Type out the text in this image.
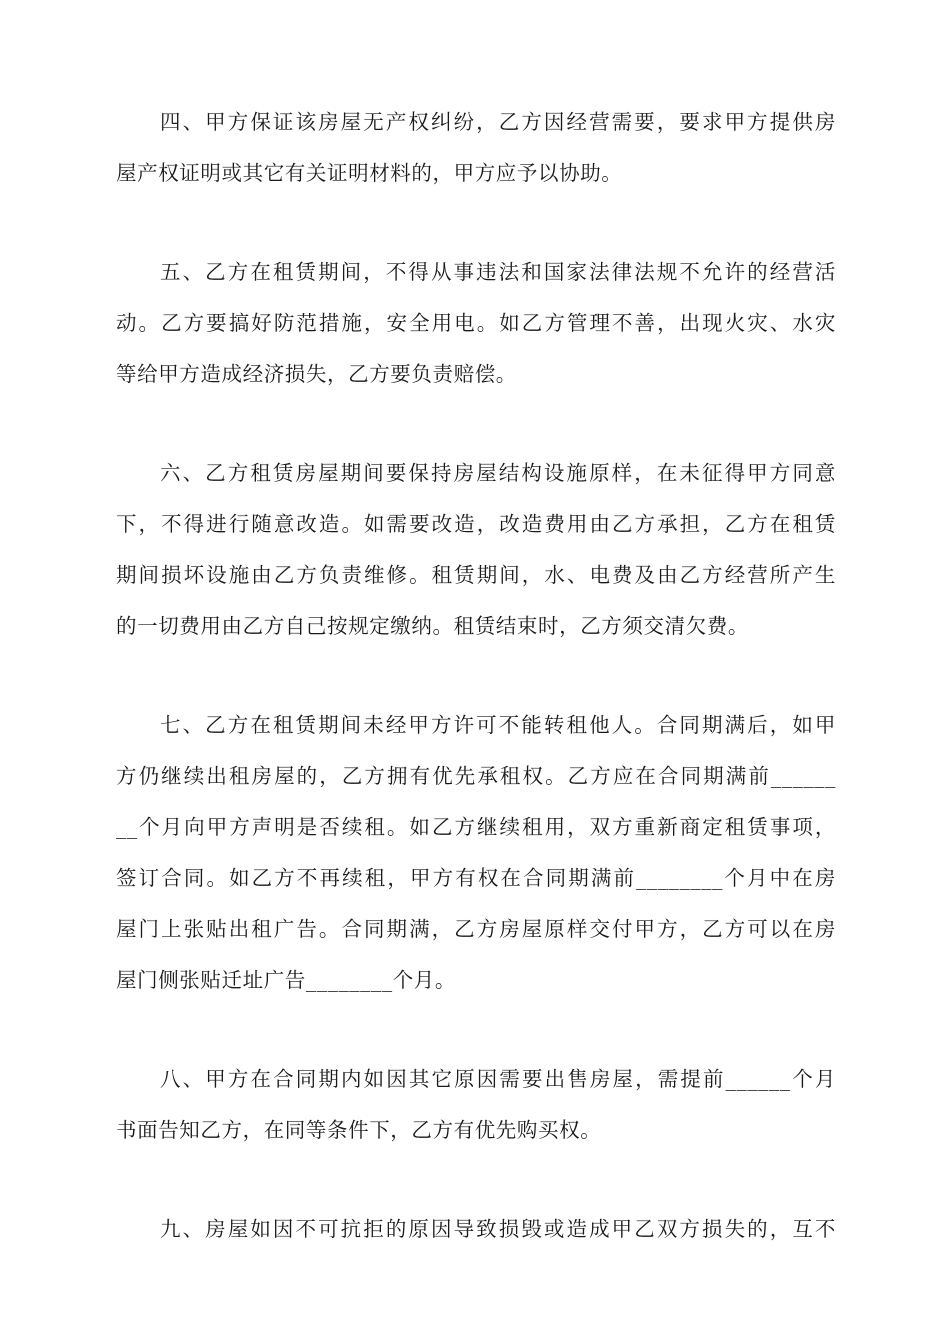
四、甲方保证该房屋无产权纠纷，乙方因经营需要，要求甲方提供房
屋产权证明或其它有关证明材料的，甲方应予以协助。
五、乙方在租赁期间，不得从事违法和国家法律法规不允许的经营活
动。乙方要搞好防范措施，安全用电。如乙方管理不善，出现火灾、水灾
等给甲方造成经济损失，乙方要负责赔偿。
六、乙方租赁房屋期间要保持房屋结构设施原样，在未征得甲方同意
下，不得进行随意改造。如需要改造，改造费用由乙方承担，乙方在租赁
期间损坏设施由乙方负责维修。租赁期间，水、电费及由乙方经营所产生
的一切费用由乙方自己按规定缴纳。租赁结束时，乙方须交清欠费。
七、乙方在租赁期间未经甲方许可不能转租他人。合同期满后，如甲
方仍继续出租房屋的，乙方拥有优先承租权。乙方应在合同期满前______
__个月向甲方声明是否续租。如乙方继续租用，双方重新商定租赁事项，
签订合同。如乙方不再续租，甲方有权在合同期满前________个月中在房
屋门上张贴出租广告。合同期满，乙方房屋原样交付甲方，乙方可以在房
屋门侧张贴迁址广告________个月。
八、甲方在合同期内如因其它原因需要出售房屋，需提前______个月
书面告知乙方，在同等条件下，乙方有优先购买权。
九、房屋如因不可抗拒的原因导致损毁或造成甲乙双方损失的，互不
